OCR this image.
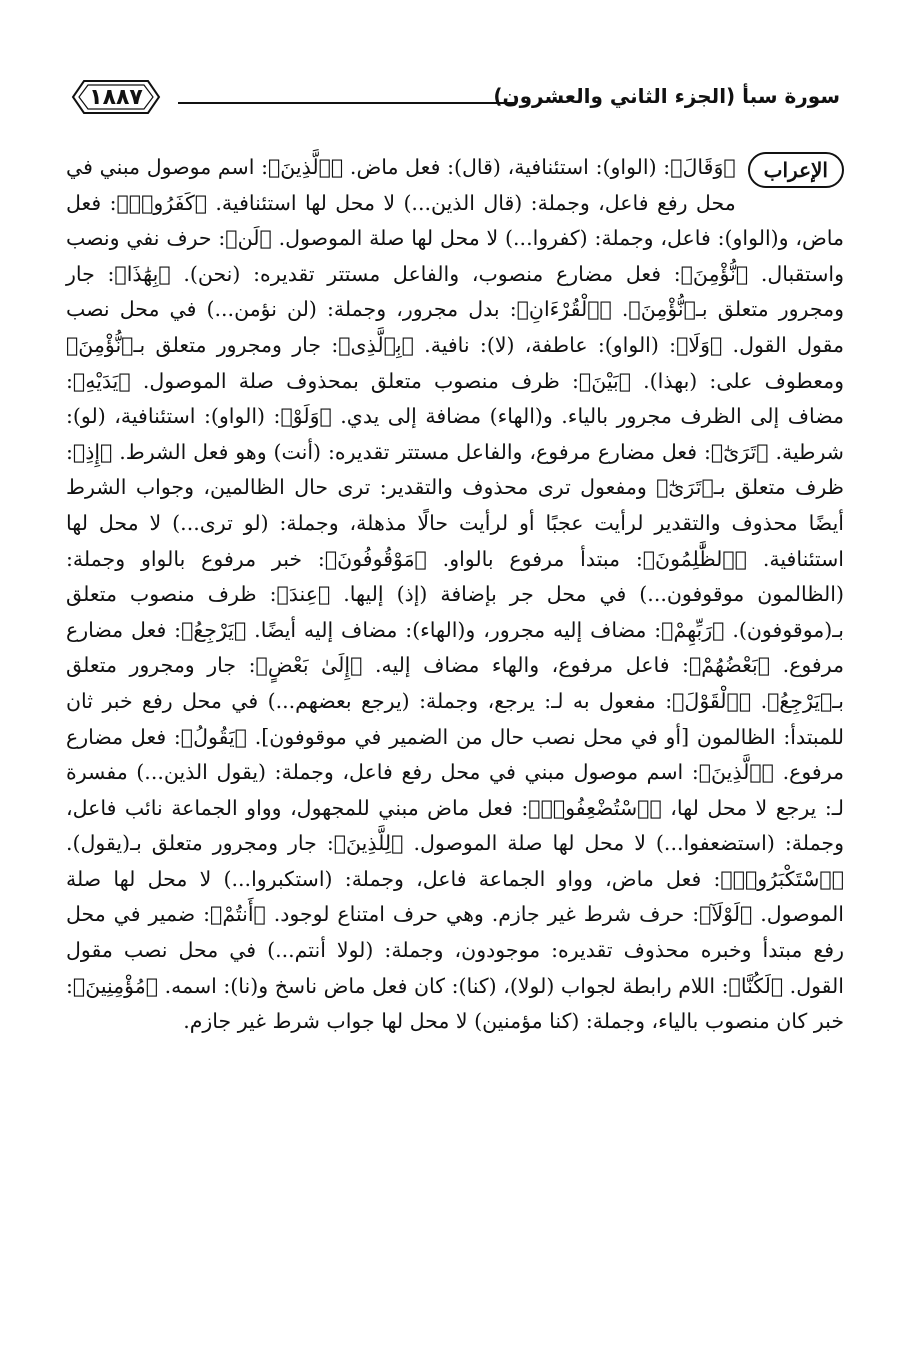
سورة سبأ (الجزء الثاني والعشرون)
١٨٨٧
الإعراب
﴿وَقَالَ﴾: (الواو): استئنافية، (قال): فعل ماض. ﴿ٱلَّذِينَ﴾: اسم موصول مبني في محل رفع فاعل، وجملة: (قال الذين...) لا محل لها استئنافية. ﴿كَفَرُوا۟﴾: فعل ماض، و(الواو): فاعل، وجملة: (كفروا...) لا محل لها صلة الموصول. ﴿لَن﴾: حرف نفي ونصب واستقبال. ﴿نُّؤْمِنَ﴾: فعل مضارع منصوب، والفاعل مستتر تقديره: (نحن). ﴿بِهَٰذَا﴾: جار ومجرور متعلق بـ﴿نُّؤْمِنَ﴾. ﴿ٱلْقُرْءَانِ﴾: بدل مجرور، وجملة: (لن نؤمن...) في محل نصب مقول القول. ﴿وَلَا﴾: (الواو): عاطفة، (لا): نافية. ﴿بِٱلَّذِى﴾: جار ومجرور متعلق بـ﴿نُّؤْمِنَ﴾ ومعطوف على: (بهذا). ﴿بَيْنَ﴾: ظرف منصوب متعلق بمحذوف صلة الموصول. ﴿يَدَيْهِ﴾: مضاف إلى الظرف مجرور بالياء. و(الهاء) مضافة إلى يدي. ﴿وَلَوْ﴾: (الواو): استئنافية، (لو): شرطية. ﴿تَرَىٰٓ﴾: فعل مضارع مرفوع، والفاعل مستتر تقديره: (أنت) وهو فعل الشرط. ﴿إِذِ﴾: ظرف متعلق بـ﴿تَرَىٰٓ﴾ ومفعول ترى محذوف والتقدير: ترى حال الظالمين، وجواب الشرط أيضًا محذوف والتقدير لرأيت عجبًا أو لرأيت حالًا مذهلة، وجملة: (لو ترى...) لا محل لها استئنافية. ﴿ٱلظَّٰلِمُونَ﴾: مبتدأ مرفوع بالواو. ﴿مَوْقُوفُونَ﴾: خبر مرفوع بالواو وجملة: (الظالمون موقوفون...) في محل جر بإضافة (إذ) إليها. ﴿عِندَ﴾: ظرف منصوب متعلق بـ(موقوفون). ﴿رَبِّهِمْ﴾: مضاف إليه مجرور، و(الهاء): مضاف إليه أيضًا. ﴿يَرْجِعُ﴾: فعل مضارع مرفوع. ﴿بَعْضُهُمْ﴾: فاعل مرفوع، والهاء مضاف إليه. ﴿إِلَىٰ بَعْضٍ﴾: جار ومجرور متعلق بـ﴿يَرْجِعُ﴾. ﴿ٱلْقَوْلَ﴾: مفعول به لـ: يرجع، وجملة: (يرجع بعضهم...) في محل رفع خبر ثان للمبتدأ: الظالمون [أو في محل نصب حال من الضمير في موقوفون]. ﴿يَقُولُ﴾: فعل مضارع مرفوع. ﴿ٱلَّذِينَ﴾: اسم موصول مبني في محل رفع فاعل، وجملة: (يقول الذين...) مفسرة لـ: يرجع لا محل لها، ﴿ٱسْتُضْعِفُوا۟﴾: فعل ماض مبني للمجهول، وواو الجماعة نائب فاعل، وجملة: (استضعفوا...) لا محل لها صلة الموصول. ﴿لِلَّذِينَ﴾: جار ومجرور متعلق بـ(يقول). ﴿ٱسْتَكْبَرُوا۟﴾: فعل ماض، وواو الجماعة فاعل، وجملة: (استكبروا...) لا محل لها صلة الموصول. ﴿لَوْلَآ﴾: حرف شرط غير جازم. وهي حرف امتناع لوجود. ﴿أَنتُمْ﴾: ضمير في محل رفع مبتدأ وخبره محذوف تقديره: موجودون، وجملة: (لولا أنتم...) في محل نصب مقول القول. ﴿لَكُنَّا﴾: اللام رابطة لجواب (لولا)، (كنا): كان فعل ماض ناسخ و(نا): اسمه. ﴿مُؤْمِنِينَ﴾: خبر كان منصوب بالياء، وجملة: (كنا مؤمنين) لا محل لها جواب شرط غير جازم.
